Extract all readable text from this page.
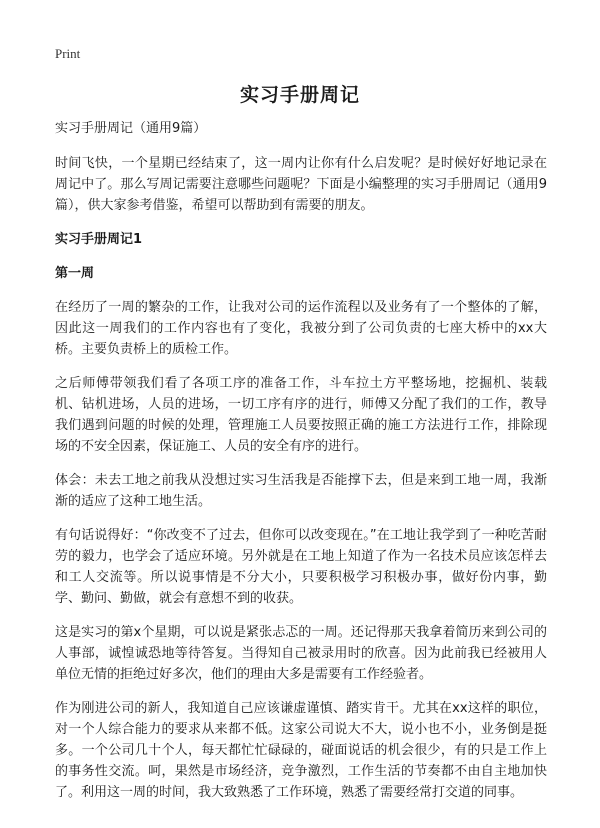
Print
实习手册周记
实习手册周记（通用9篇）
时间飞快，一个星期已经结束了，这一周内让你有什么启发呢？是时候好好地记录在周记中了。那么写周记需要注意哪些问题呢？下面是小编整理的实习手册周记（通用9篇），供大家参考借鉴，希望可以帮助到有需要的朋友。
实习手册周记1
第一周
在经历了一周的繁杂的工作，让我对公司的运作流程以及业务有了一个整体的了解，因此这一周我们的工作内容也有了变化，我被分到了公司负责的七座大桥中的xx大桥。主要负责桥上的质检工作。
之后师傅带领我们看了各项工序的准备工作，斗车拉土方平整场地，挖掘机、装载机、钻机进场，人员的进场，一切工序有序的进行，师傅又分配了我们的工作，教导我们遇到问题的时候的处理，管理施工人员要按照正确的施工方法进行工作，排除现场的不安全因素，保证施工、人员的安全有序的进行。
体会：未去工地之前我从没想过实习生活我是否能撑下去，但是来到工地一周，我渐渐的适应了这种工地生活。
有句话说得好：“你改变不了过去，但你可以改变现在。”在工地让我学到了一种吃苦耐劳的毅力，也学会了适应环境。另外就是在工地上知道了作为一名技术员应该怎样去和工人交流等。所以说事情是不分大小，只要积极学习积极办事，做好份内事，勤学、勤问、勤做，就会有意想不到的收获。
这是实习的第x个星期，可以说是紧张忐忑的一周。还记得那天我拿着简历来到公司的人事部，诚惶诚恐地等待答复。当得知自己被录用时的欣喜。因为此前我已经被用人单位无情的拒绝过好多次，他们的理由大多是需要有工作经验者。
作为刚进公司的新人，我知道自己应该谦虚谨慎、踏实肯干。尤其在xx这样的职位，对一个人综合能力的要求从来都不低。这家公司说大不大，说小也不小，业务倒是挺多。一个公司几十个人，每天都忙忙碌碌的，碰面说话的机会很少，有的只是工作上的事务性交流。呵，果然是市场经济，竞争激烈，工作生活的节奏都不由自主地加快了。利用这一周的时间，我大致熟悉了工作环境，熟悉了需要经常打交道的同事。
